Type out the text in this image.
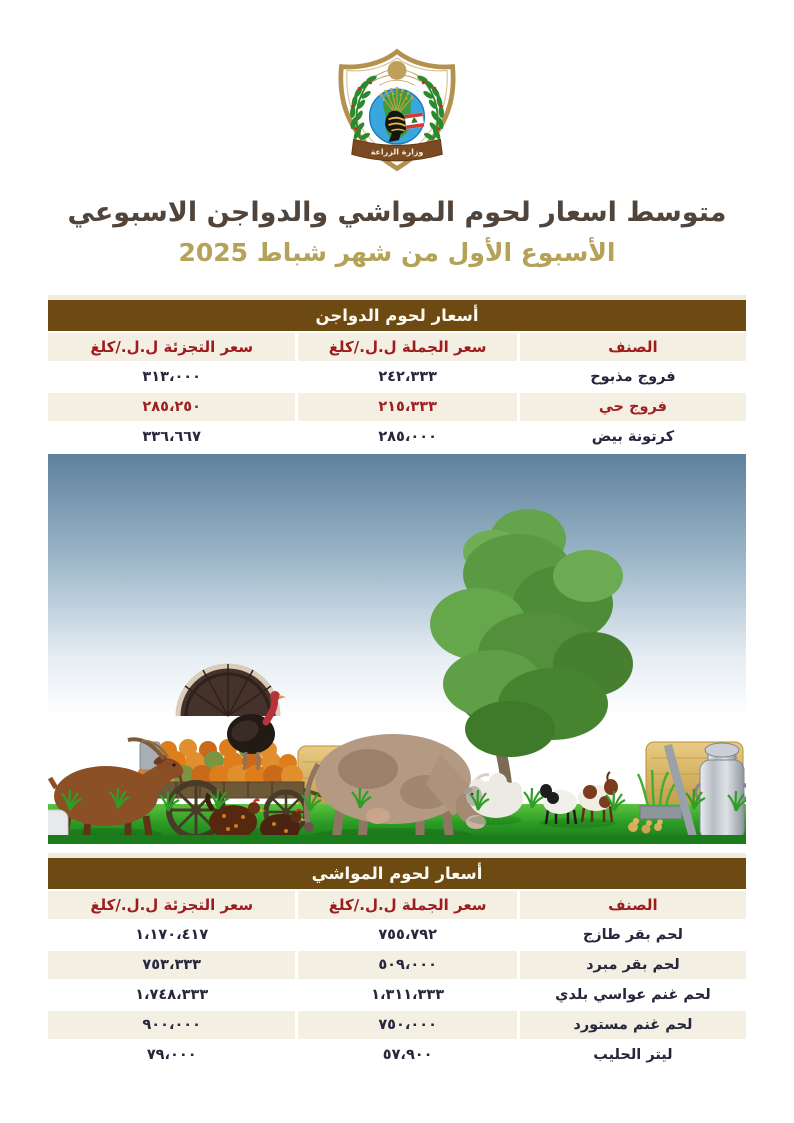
وزارة الزراعة
متوسط اسعار لحوم المواشي والدواجن الاسبوعي
الأسبوع الأول من شهر شباط 2025
أسعار لحوم الدواجن
الصنف
سعر الجملة ل.ل./كلغ
سعر التجزئة ل.ل./كلغ
فروج مذبوح
٢٤٢،٣٣٣
٣١٣،٠٠٠
فروج حي
٢١٥،٣٣٣
٢٨٥،٢٥٠
كرتونة بيض
٢٨٥،٠٠٠
٣٣٦،٦٦٧
أسعار لحوم المواشي
الصنف
سعر الجملة ل.ل./كلغ
سعر التجزئة ل.ل./كلغ
لحم بقر طازج
٧٥٥،٧٩٢
١،١٧٠،٤١٧
لحم بقر مبرد
٥٠٩،٠٠٠
٧٥٣،٣٣٣
لحم غنم عواسي بلدي
١،٣١١،٣٣٣
١،٧٤٨،٣٣٣
لحم غنم مستورد
٧٥٠،٠٠٠
٩٠٠،٠٠٠
ليتر الحليب
٥٧،٩٠٠
٧٩،٠٠٠
